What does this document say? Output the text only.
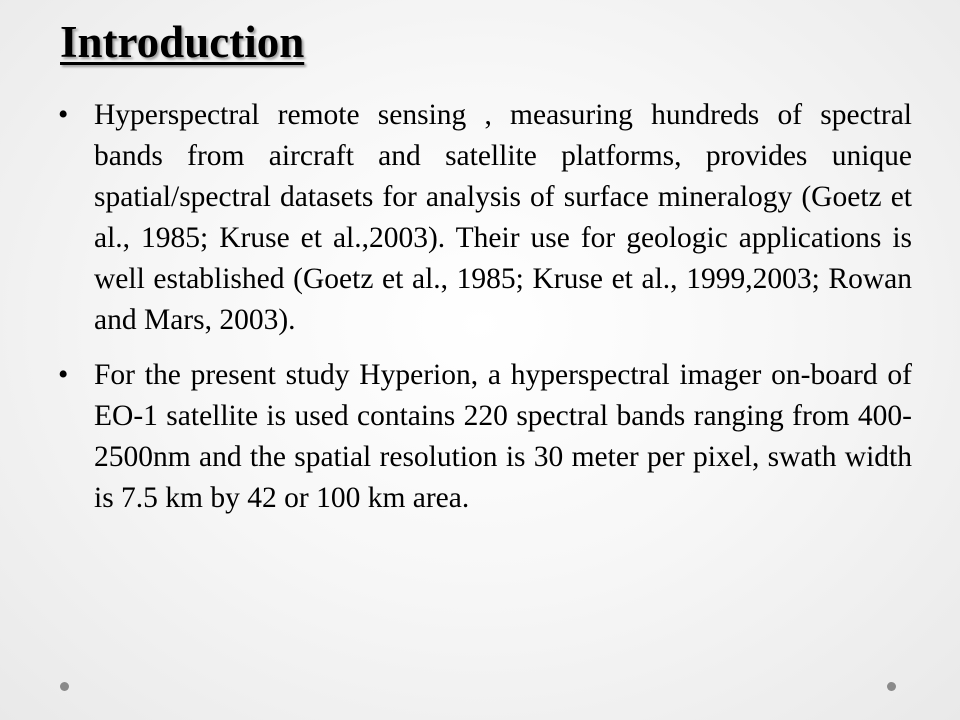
Introduction
• Hyperspectral remote sensing , measuring hundreds of spectral bands from aircraft and satellite platforms, provides unique spatial/spectral datasets for analysis of surface mineralogy (Goetz et al., 1985; Kruse et al.,2003). Their use for geologic applications is well established (Goetz et al., 1985; Kruse et al., 1999,2003; Rowan and Mars, 2003).
• For the present study Hyperion, a hyperspectral imager on-board of EO-1 satellite is used contains 220 spectral bands ranging from 400-2500nm and the spatial resolution is 30 meter per pixel, swath width is 7.5 km by 42 or 100 km area.
